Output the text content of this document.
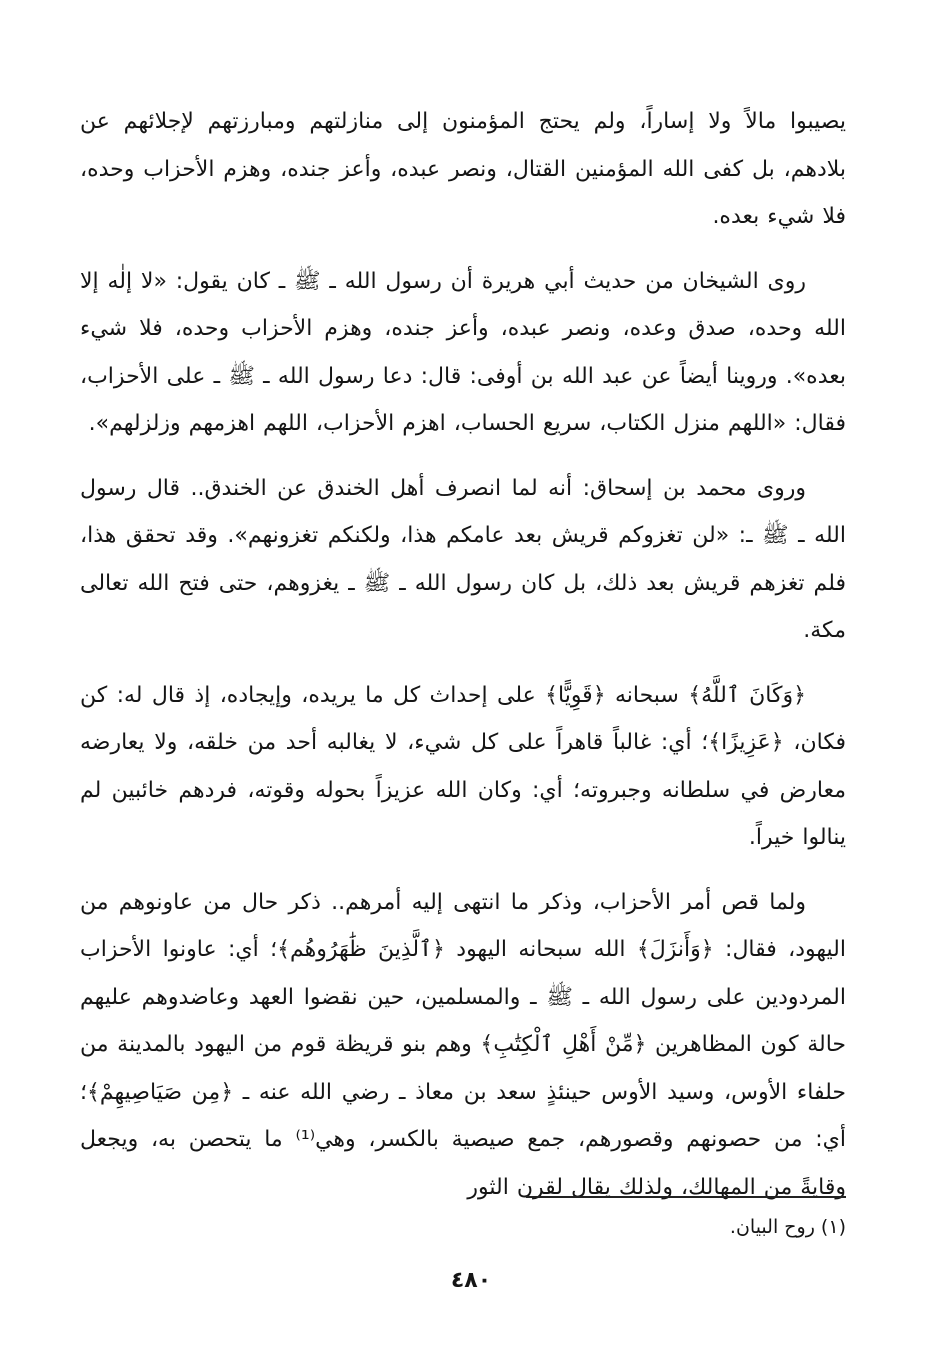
يصيبوا مالاً ولا إساراً، ولم يحتج المؤمنون إلى منازلتهم ومبارزتهم لإجلائهم عن بلادهم، بل كفى الله المؤمنين القتال، ونصر عبده، وأعز جنده، وهزم الأحزاب وحده، فلا شيء بعده.

روى الشيخان من حديث أبي هريرة أن رسول الله ـ ﷺ ـ كان يقول: «لا إلٰه إلا الله وحده، صدق وعده، ونصر عبده، وأعز جنده، وهزم الأحزاب وحده، فلا شيء بعده». وروينا أيضاً عن عبد الله بن أوفى: قال: دعا رسول الله ـ ﷺ ـ على الأحزاب، فقال: «اللهم منزل الكتاب، سريع الحساب، اهزم الأحزاب، اللهم اهزمهم وزلزلهم».

وروى محمد بن إسحاق: أنه لما انصرف أهل الخندق عن الخندق.. قال رسول الله ـ ﷺ ـ: «لن تغزوكم قريش بعد عامكم هذا، ولكنكم تغزونهم». وقد تحقق هذا، فلم تغزهم قريش بعد ذلك، بل كان رسول الله ـ ﷺ ـ يغزوهم، حتى فتح الله تعالى مكة.

﴿وَكَانَ ٱللَّهُ﴾ سبحانه ﴿قَوِيًّا﴾ على إحداث كل ما يريده، وإيجاده، إذ قال له: كن فكان، ﴿عَزِيزًا﴾؛ أي: غالباً قاهراً على كل شيء، لا يغالبه أحد من خلقه، ولا يعارضه معارض في سلطانه وجبروته؛ أي: وكان الله عزيزاً بحوله وقوته، فردهم خائبين لم ينالوا خيراً.

ولما قص أمر الأحزاب، وذكر ما انتهى إليه أمرهم.. ذكر حال من عاونوهم من اليهود، فقال: ﴿وَأَنزَلَ﴾ الله سبحانه اليهود ﴿ٱلَّذِينَ ظَٰهَرُوهُم﴾؛ أي: عاونوا الأحزاب المردودين على رسول الله ـ ﷺ ـ والمسلمين، حين نقضوا العهد وعاضدوهم عليهم حالة كون المظاهرين ﴿مِّنْ أَهْلِ ٱلْكِتَٰبِ﴾ وهم بنو قريظة قوم من اليهود بالمدينة من حلفاء الأوس، وسيد الأوس حينئذٍ سعد بن معاذ ـ رضي الله عنه ـ ﴿مِن صَيَاصِيهِمْ﴾؛ أي: من حصونهم وقصورهم، جمع صيصية بالكسر، وهي⁽¹⁾ ما يتحصن به، ويجعل وقايةً من المهالك، ولذلك يقال لقرن الثور

(١) روح البيان.
٤٨٠
